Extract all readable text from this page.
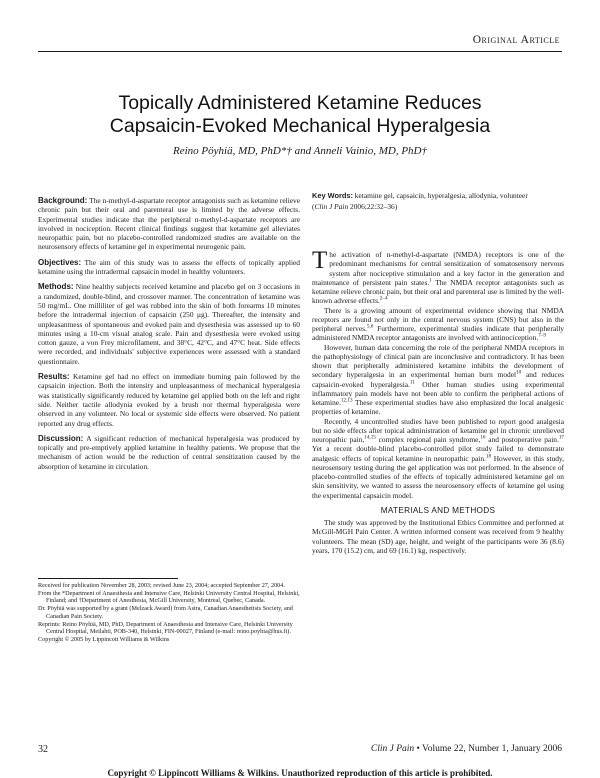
Original Article
Topically Administered Ketamine Reduces
Capsaicin-Evoked Mechanical Hyperalgesia
Reino Pöyhiä, MD, PhD*† and Anneli Vainio, MD, PhD†

Background: The n-methyl-d-aspartate receptor antagonists such as ketamine relieve chronic pain but their oral and parenteral use is limited by the adverse effects. Experimental studies indicate that the peripheral n-methyl-d-aspartate receptors are involved in nociception. Recent clinical findings suggest that ketamine gel alleviates neuropathic pain, but no placebo-controlled randomized studies are available on the neurosensory effects of ketamine gel in experimental neurogenic pain.

Objectives: The aim of this study was to assess the effects of topically applied ketamine using the intradermal capsaicin model in healthy volunteers.

Methods: Nine healthy subjects received ketamine and placebo gel on 3 occasions in a randomized, double-blind, and crossover manner. The concentration of ketamine was 50 mg/mL. One milliliter of gel was rubbed into the skin of both forearms 10 minutes before the intradermal injection of capsaicin (250 μg). Thereafter, the intensity and unpleasantness of spontaneous and evoked pain and dysesthesia was assessed up to 60 minutes using a 10-cm visual analog scale. Pain and dysesthesia were evoked using cotton gauze, a von Frey microfilament, and 38°C, 42°C, and 47°C heat. Side effects were recorded, and individuals' subjective experiences were assessed with a standard questionnaire.

Results: Ketamine gel had no effect on immediate burning pain followed by the capsaicin injection. Both the intensity and unpleasantness of mechanical hyperalgesia was statistically significantly reduced by ketamine gel applied both on the left and right side. Neither tactile allodynia evoked by a brush nor thermal hyperalgesia were observed in any volunteer. No local or systemic side effects were observed. No patient reported any drug effects.

Discussion: A significant reduction of mechanical hyperalgesia was produced by topically and pre-emptively applied ketamine in healthy patients. We propose that the mechanism of action would be the reduction of central sensitization caused by the absorption of ketamine in circulation.

Key Words: ketamine gel, capsaicin, hyperalgesia, allodynia, volunteer

(Clin J Pain 2006;22:32–36)

The activation of n-methyl-d-aspartate (NMDA) receptors is one of the predominant mechanisms for central sensitization of somatosensory nervous system after nociceptive stimulation and a key factor in the generation and maintenance of persistent pain states.$^1$ The NMDA receptor antagonists such as ketamine relieve chronic pain, but their oral and parenteral use is limited by the well-known adverse effects.$^{2-4}$

There is a growing amount of experimental evidence showing that NMDA receptors are found not only in the central nervous system (CNS) but also in the peripheral nerves.$^{5,6}$ Furthermore, experimental studies indicate that peripherally administered NMDA receptor antagonists are involved with antinociception.$^{7-9}$

However, human data concerning the role of the peripheral NMDA receptors in the pathophysiology of clinical pain are inconclusive and contradictory. It has been shown that peripherally administered ketamine inhibits the development of secondary hyperalgesia in an experimental human burn model$^{10}$ and reduces capsaicin-evoked hyperalgesia.$^{11}$ Other human studies using experimental inflammatory pain models have not been able to confirm the peripheral actions of ketamine.$^{12,13}$ These experimental studies have also emphasized the local analgesic properties of ketamine.

Recently, 4 uncontrolled studies have been published to report good analgesia but no side effects after topical administration of ketamine gel in chronic unrelieved neuropathic pain,$^{14,15}$ complex regional pain syndrome,$^{16}$ and postoperative pain.$^{17}$ Yet a recent double-blind placebo-controlled pilot study failed to demonstrate analgesic effects of topical ketamine in neuropathic pain.$^{18}$ However, in this study, neurosensory testing during the gel application was not performed. In the absence of placebo-controlled studies of the effects of topically administered ketamine gel on skin sensitivity, we wanted to assess the neurosensory effects of ketamine gel using the experimental capsaicin model.

MATERIALS AND METHODS

The study was approved by the Institutional Ethics Committee and performed at McGill-MGH Pain Center. A written informed consent was received from 9 healthy volunteers. The mean (SD) age, height, and weight of the participants were 36 (8.6) years, 170 (15.2) cm, and 69 (16.1) kg, respectively.

Received for publication November 28, 2003; revised June 23, 2004; accepted September 27, 2004.

From the *Department of Anaesthesia and Intensive Care, Helsinki University Central Hospital, Helsinki, Finland; and †Department of Anesthesia, McGill University, Montreal, Quebec, Canada.

Dr. Pöyhiä was supported by a grant (Melzack Award) from Astra, Canadian Anaesthetists Society, and Canadian Pain Society.

Reprints: Reino Pöyhiä, MD, PhD, Department of Anaesthesia and Intensive Care, Helsinki University Central Hospital, Meilahti, POB-340, Helsinki, FIN-00027, Finland (e-mail: reino.poyhia@hus.fi).

Copyright © 2005 by Lippincott Williams & Wilkins

32	Clin J Pain • Volume 22, Number 1, January 2006
Copyright © Lippincott Williams & Wilkins. Unauthorized reproduction of this article is prohibited.
